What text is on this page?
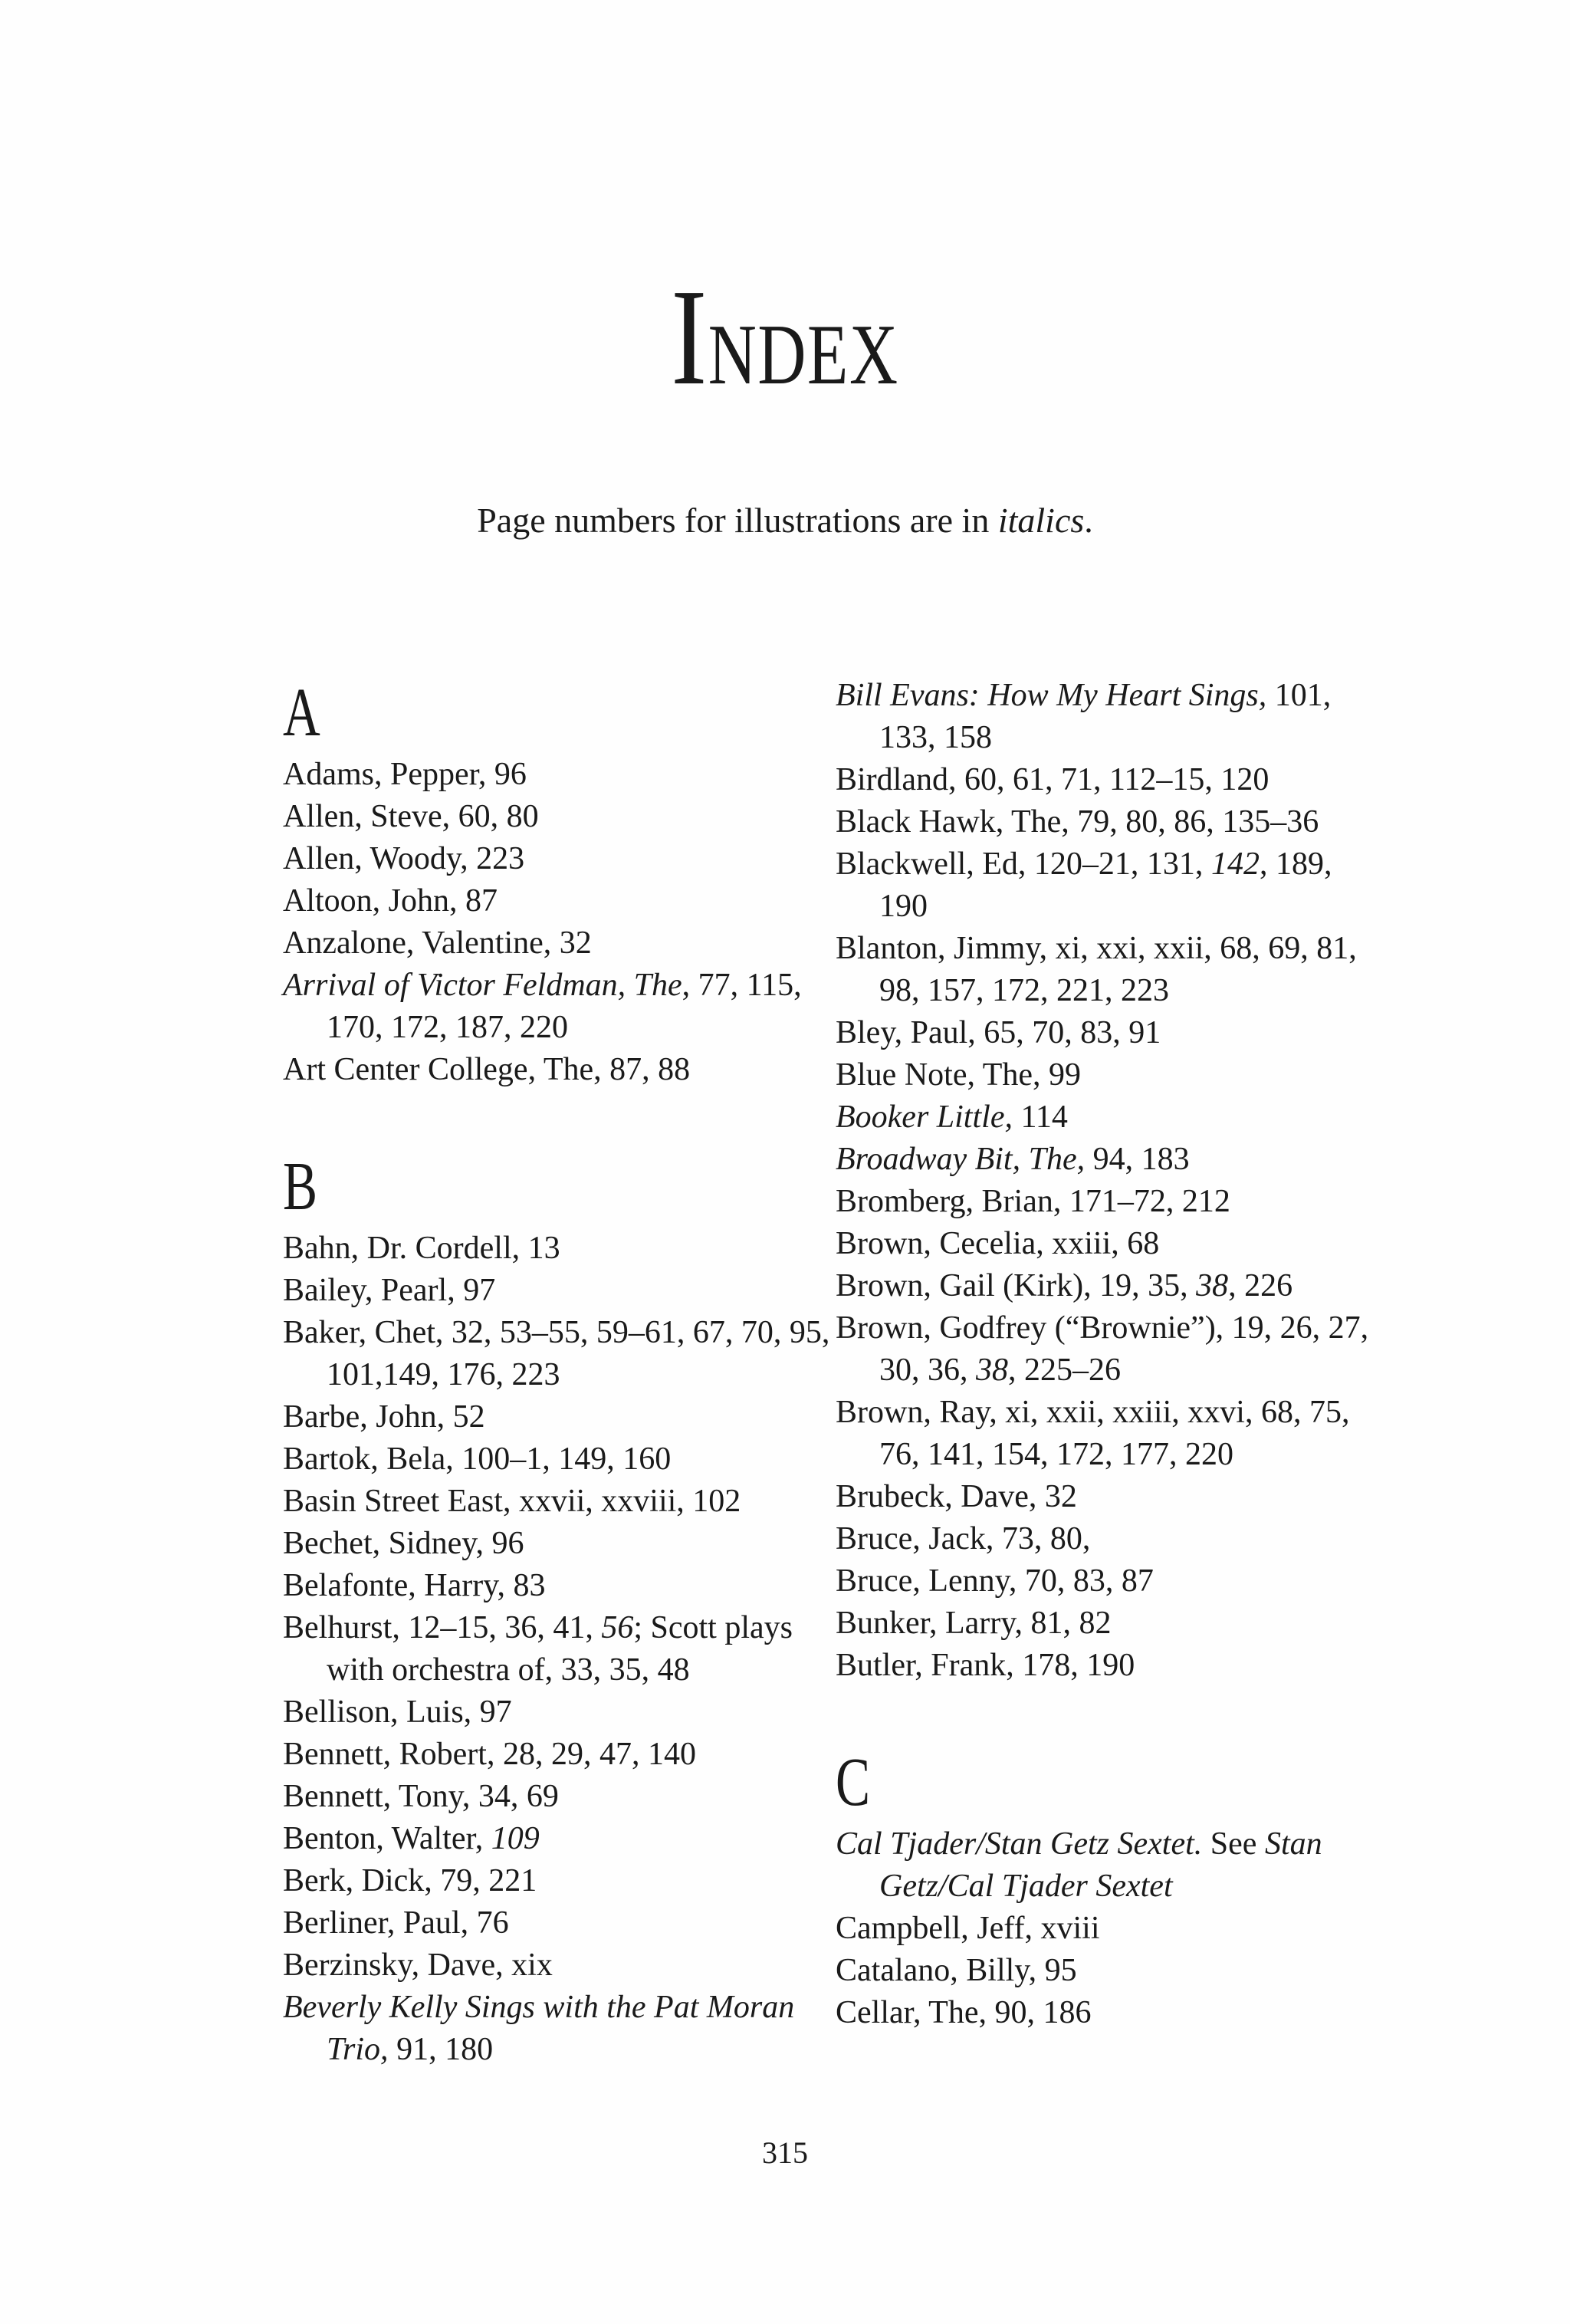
INDEX
Page numbers for illustrations are in italics.
A
Adams, Pepper, 96
Allen, Steve, 60, 80
Allen, Woody, 223
Altoon, John, 87
Anzalone, Valentine, 32
Arrival of Victor Feldman, The, 77, 115, 170, 172, 187, 220
Art Center College, The, 87, 88
B
Bahn, Dr. Cordell, 13
Bailey, Pearl, 97
Baker, Chet, 32, 53–55, 59–61, 67, 70, 95, 101,149, 176, 223
Barbe, John, 52
Bartok, Bela, 100–1, 149, 160
Basin Street East, xxvii, xxviii, 102
Bechet, Sidney, 96
Belafonte, Harry, 83
Belhurst, 12–15, 36, 41, 56; Scott plays with orchestra of, 33, 35, 48
Bellison, Luis, 97
Bennett, Robert, 28, 29, 47, 140
Bennett, Tony, 34, 69
Benton, Walter, 109
Berk, Dick, 79, 221
Berliner, Paul, 76
Berzinsky, Dave, xix
Beverly Kelly Sings with the Pat Moran Trio, 91, 180
Bill Evans: How My Heart Sings, 101, 133, 158
Birdland, 60, 61, 71, 112–15, 120
Black Hawk, The, 79, 80, 86, 135–36
Blackwell, Ed, 120–21, 131, 142, 189, 190
Blanton, Jimmy, xi, xxi, xxii, 68, 69, 81, 98, 157, 172, 221, 223
Bley, Paul, 65, 70, 83, 91
Blue Note, The, 99
Booker Little, 114
Broadway Bit, The, 94, 183
Bromberg, Brian, 171–72, 212
Brown, Cecelia, xxiii, 68
Brown, Gail (Kirk), 19, 35, 38, 226
Brown, Godfrey (“Brownie”), 19, 26, 27, 30, 36, 38, 225–26
Brown, Ray, xi, xxii, xxiii, xxvi, 68, 75, 76, 141, 154, 172, 177, 220
Brubeck, Dave, 32
Bruce, Jack, 73, 80,
Bruce, Lenny, 70, 83, 87
Bunker, Larry, 81, 82
Butler, Frank, 178, 190
C
Cal Tjader/Stan Getz Sextet. See Stan Getz/Cal Tjader Sextet
Campbell, Jeff, xviii
Catalano, Billy, 95
Cellar, The, 90, 186
315
